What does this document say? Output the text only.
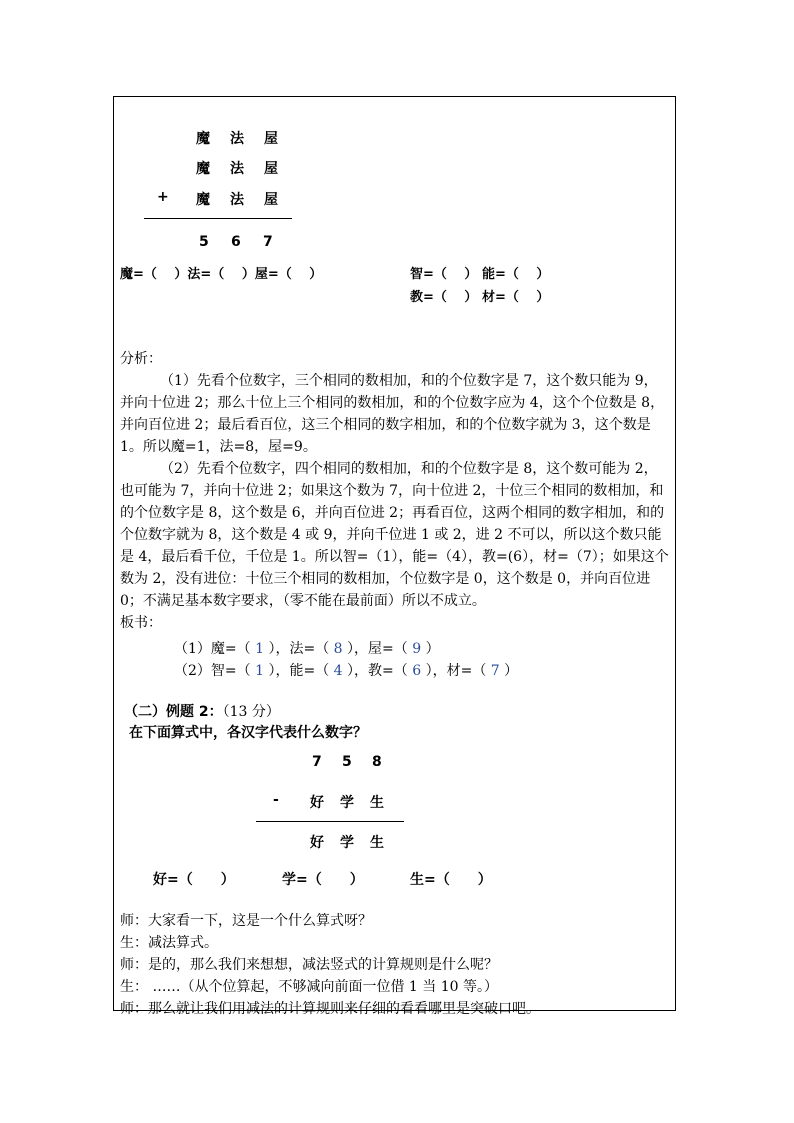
魔 法 屋
魔 法 屋
+ 魔 法 屋
5 6 7
魔=（　 ）法=（　 ）屋=（　 ）	智=（　 ） 能=（　 ）
教=（　 ） 材=（　 ）

分析：

（1）先看个位数字，三个相同的数相加，和的个位数字是 7，这个数只能为 9，并向十位进 2；那么十位上三个相同的数相加，和的个位数字应为 4，这个个位数是 8，并向百位进 2；最后看百位，这三个相同的数字相加，和的个位数字就为 3，这个数是 1。所以魔=1，法=8，屋=9。

（2）先看个位数字，四个相同的数相加，和的个位数字是 8，这个数可能为 2，也可能为 7，并向十位进 2；如果这个数为 7，向十位进 2，十位三个相同的数相加，和的个位数字是 8，这个数是 6，并向百位进 2；再看百位，这两个相同的数字相加，和的个位数字就为 8，这个数是 4 或 9，并向千位进 1 或 2，进 2 不可以，所以这个数只能是 4，最后看千位，千位是 1。所以智=（1），能=（4），教=(6），材=（7）；如果这个数为 2，没有进位：十位三个相同的数相加，个位数字是 0，这个数是 0，并向百位进 0；不满足基本数字要求，（零不能在最前面）所以不成立。

板书：

（1）魔=（ 1 ），法=（ 8 ），屋=（ 9 ）
（2）智=（ 1 ），能=（ 4 ），教=（ 6 ），材=（ 7 ）
（二）例题 2：（13 分）
在下面算式中，各汉字代表什么数字？
7 5 8
- 好 学 生
好 学 生
好=（　　）	学=（　　）	生=（　　）

师：大家看一下，这是一个什么算式呀？

生：减法算式。

师：是的，那么我们来想想，减法竖式的计算规则是什么呢？

生： ……（从个位算起，不够减向前面一位借 1 当 10 等。）

师：那么就让我们用减法的计算规则来仔细的看看哪里是突破口吧。
